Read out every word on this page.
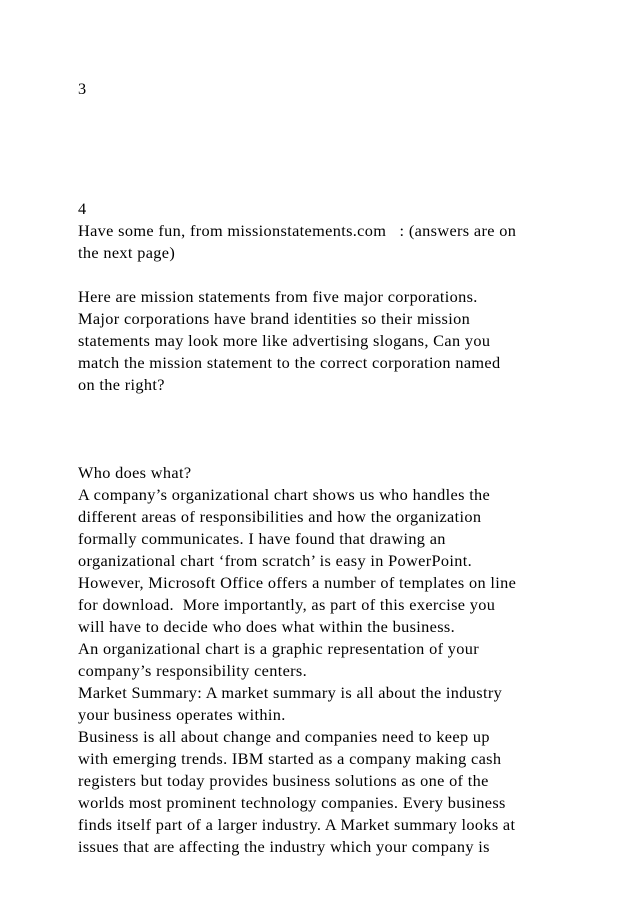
3

4

Have some fun, from missionstatements.com   : (answers are on

the next page)

Here are mission statements from five major corporations.

Major corporations have brand identities so their mission

statements may look more like advertising slogans, Can you

match the mission statement to the correct corporation named

on the right?

Who does what?

A company’s organizational chart shows us who handles the

different areas of responsibilities and how the organization

formally communicates. I have found that drawing an

organizational chart ‘from scratch’ is easy in PowerPoint.

However, Microsoft Office offers a number of templates on line

for download.  More importantly, as part of this exercise you

will have to decide who does what within the business.

An organizational chart is a graphic representation of your

company’s responsibility centers.

Market Summary: A market summary is all about the industry

your business operates within.

Business is all about change and companies need to keep up

with emerging trends. IBM started as a company making cash

registers but today provides business solutions as one of the

worlds most prominent technology companies. Every business

finds itself part of a larger industry. A Market summary looks at

issues that are affecting the industry which your company is
